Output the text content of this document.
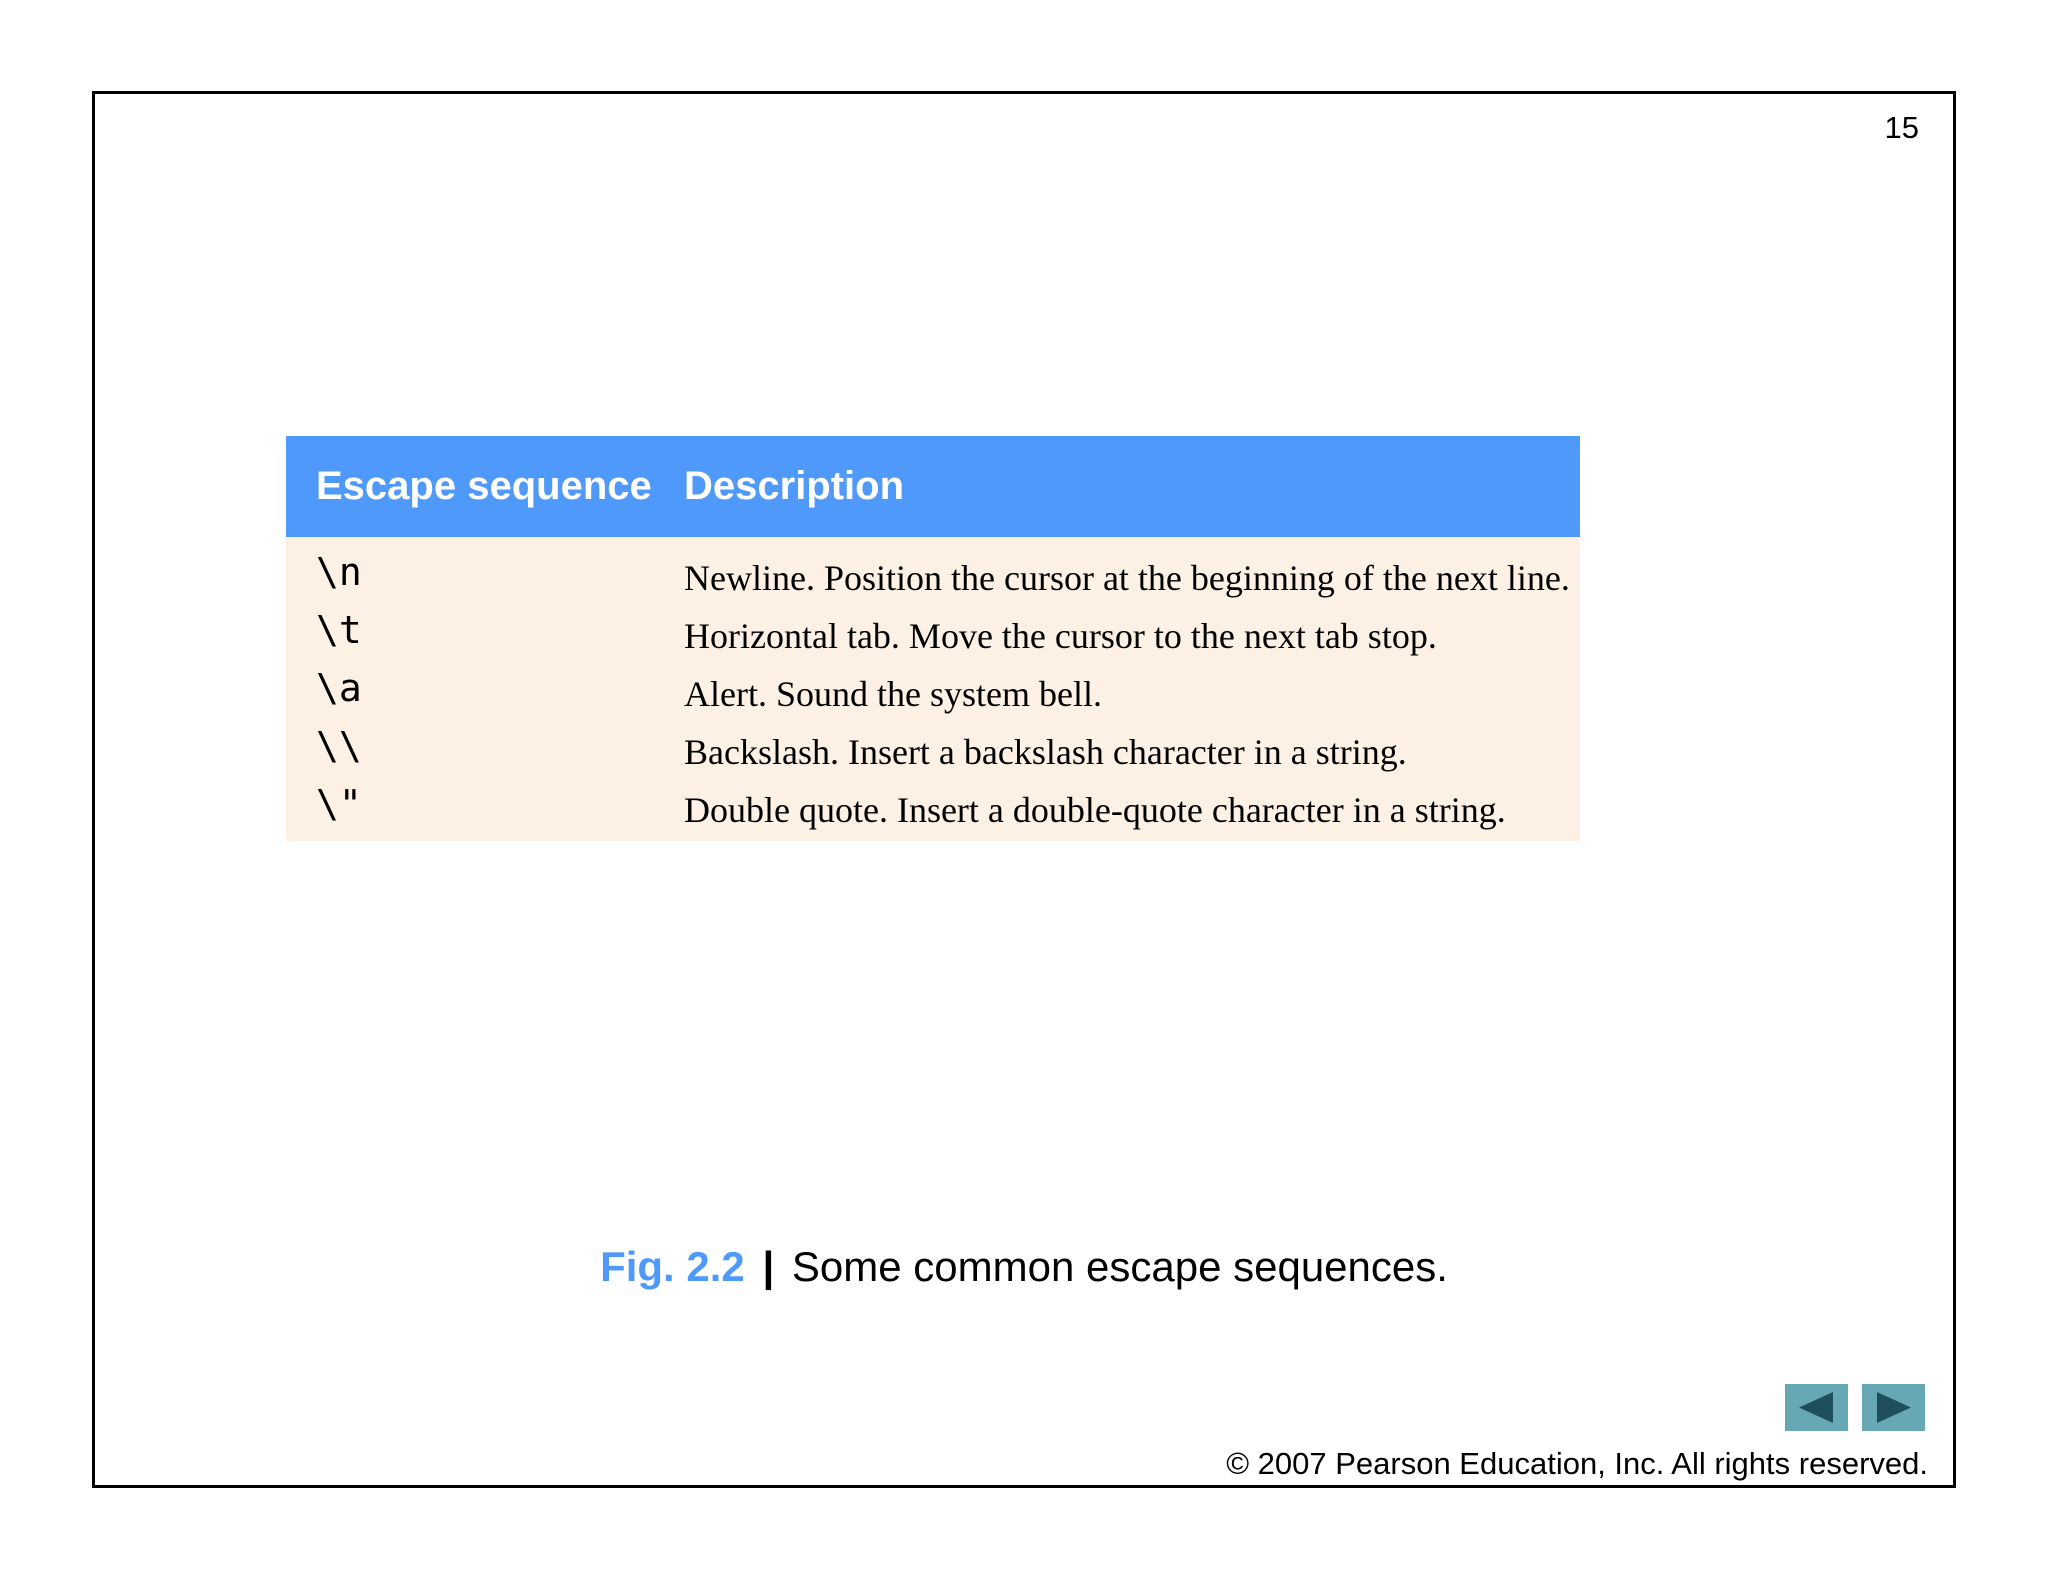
15
Escape sequence Description
\n	Newline. Position the cursor at the beginning of the next line.
\t	Horizontal tab. Move the cursor to the next tab stop.
\a	Alert. Sound the system bell.
\\	Backslash. Insert a backslash character in a string.
\"	Double quote. Insert a double-quote character in a string.
Fig. 2.2 | Some common escape sequences.
© 2007 Pearson Education, Inc. All rights reserved.
